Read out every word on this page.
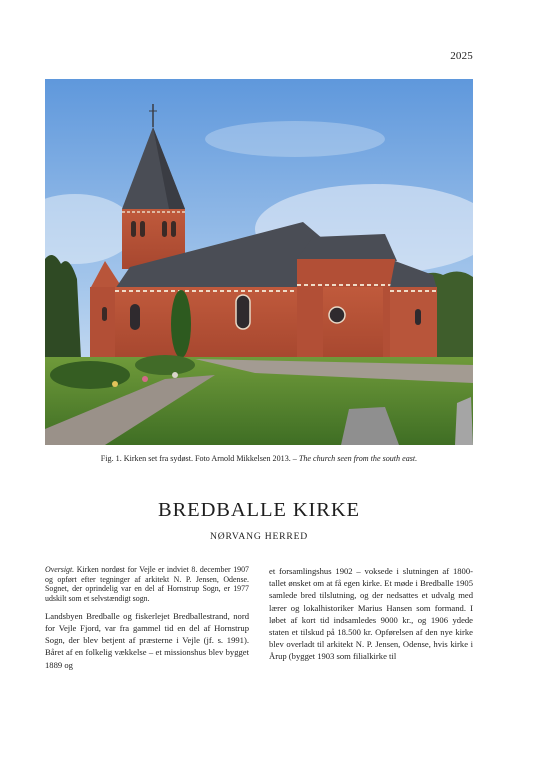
2025
Fig. 1. Kirken set fra sydøst. Foto Arnold Mikkelsen 2013. – The church seen from the south east.
BREDBALLE KIRKE
NØRVANG HERRED

Oversigt. Kirken nordøst for Vejle er indviet 8. december 1907 og opført efter tegninger af arkitekt N. P. Jensen, Odense. Sognet, der oprindelig var en del af Hornstrup Sogn, er 1977 udskilt som et selvstændigt sogn.

Landsbyen Bredballe og fiskerlejet Bredballestrand, nord for Vejle Fjord, var fra gammel tid en del af Hornstrup Sogn, der blev betjent af præsterne i Vejle (jf. s. 1991). Båret af en folkelig vækkelse – et missionshus blev bygget 1889 og

et forsamlingshus 1902 – voksede i slutningen af 1800-tallet ønsket om at få egen kirke. Et møde i Bredballe 1905 samlede bred tilslutning, og der nedsattes et udvalg med lærer og lokalhistoriker Marius Hansen som formand. I løbet af kort tid indsamledes 9000 kr., og 1906 ydede staten et tilskud på 18.500 kr. Opførelsen af den nye kirke blev overladt til arkitekt N. P. Jensen, Odense, hvis kirke i Årup (bygget 1903 som filialkirke til
